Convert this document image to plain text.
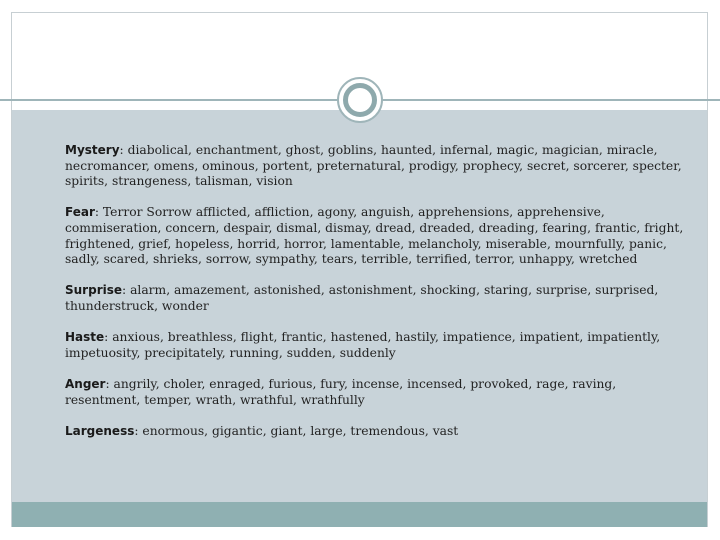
Mystery: diabolical, enchantment, ghost, goblins, haunted, infernal, magic, magician, miracle, necromancer, omens, ominous, portent, preternatural, prodigy, prophecy, secret, sorcerer, specter, spirits, strangeness, talisman, vision
Fear: Terror Sorrow afflicted, affliction, agony, anguish, apprehensions, apprehensive, commiseration, concern, despair, dismal, dismay, dread, dreaded, dreading, fearing, frantic, fright, frightened, grief, hopeless, horrid, horror, lamentable, melancholy, miserable, mournfully, panic, sadly, scared, shrieks, sorrow, sympathy, tears, terrible, terrified, terror, unhappy, wretched
Surprise: alarm, amazement, astonished, astonishment, shocking, staring, surprise, surprised, thunderstruck, wonder
Haste: anxious, breathless, flight, frantic, hastened, hastily, impatience, impatient, impatiently, impetuosity, precipitately, running, sudden, suddenly
Anger: angrily, choler, enraged, furious, fury, incense, incensed, provoked, rage, raving, resentment, temper, wrath, wrathful, wrathfully
Largeness: enormous, gigantic, giant, large, tremendous, vast
